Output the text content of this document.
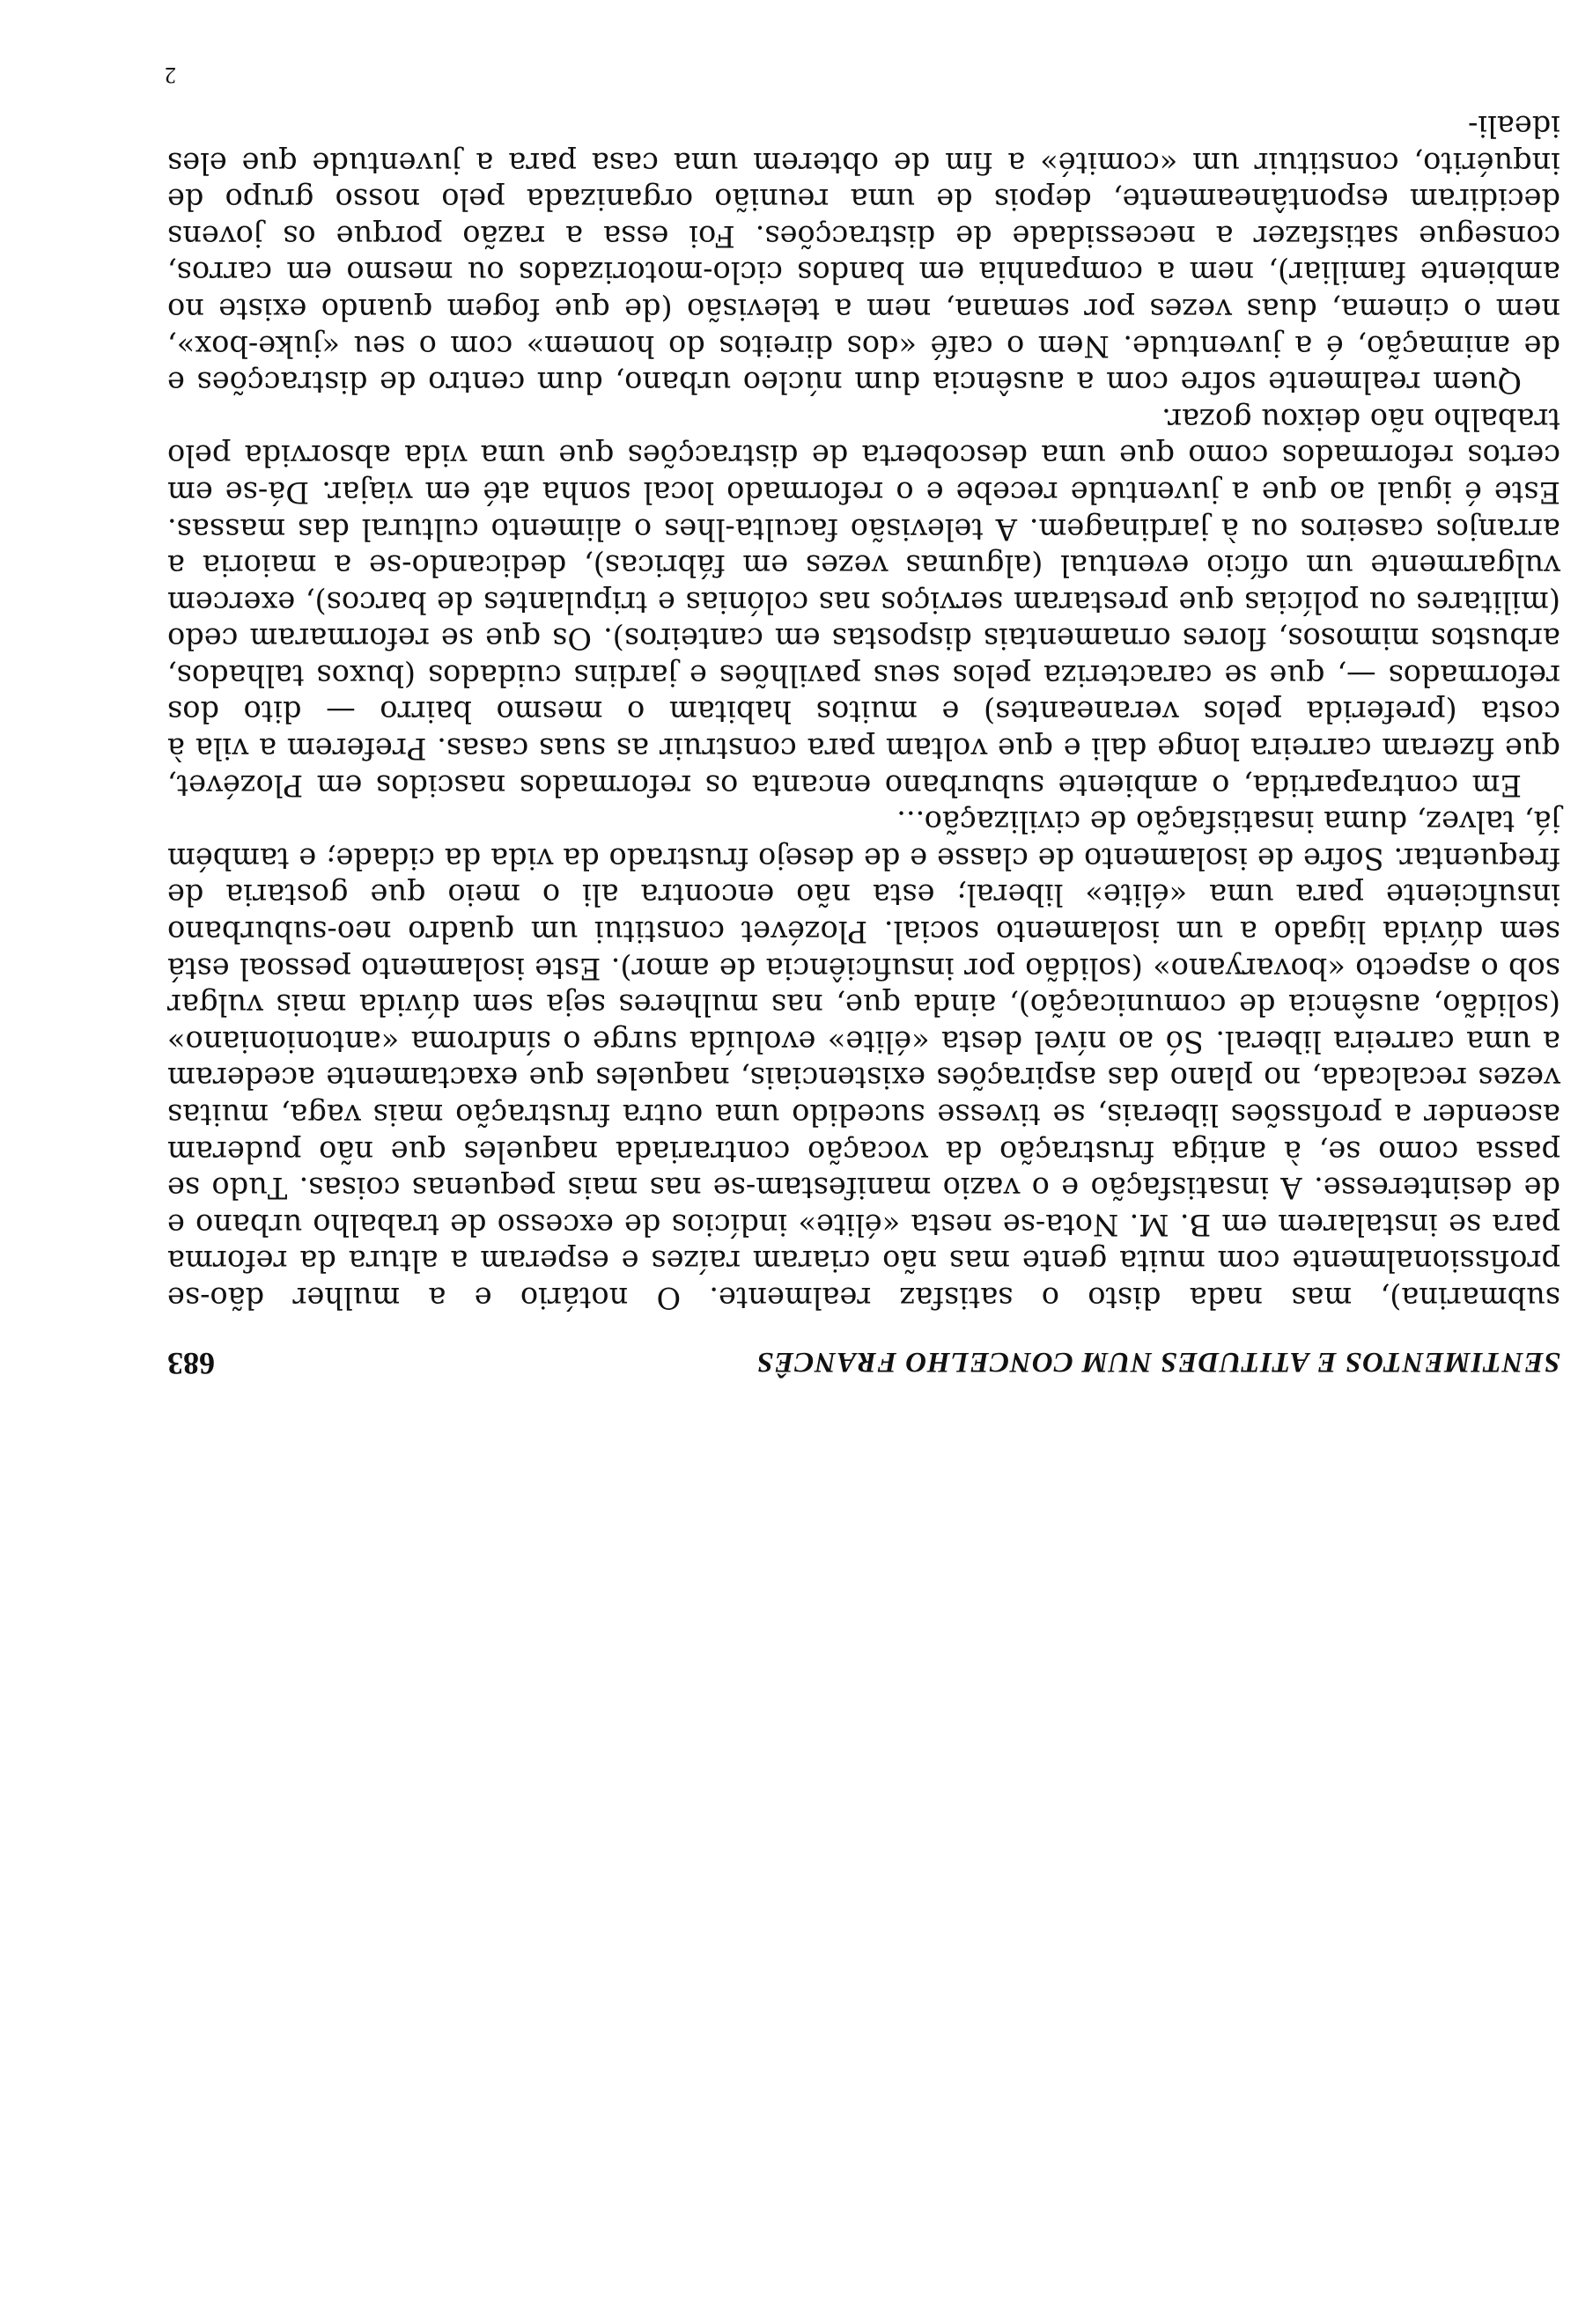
SENTIMENTOS E ATITUDES NUM CONCELHO FRANCÊS
683

submarina), mas nada disto o satisfaz realmente. O notário e a mulher dão-se profissionalmente com muita gente mas não criaram raízes e esperam a altura da reforma para se instalarem em B. M. Nota-se nesta «élite» indícios de excesso de trabalho urbano e de desinteresse. A insatisfação e o vazio manifestam-se nas mais pequenas coisas. Tudo se passa como se, à antiga frustração da vocação contrariada naqueles que não puderam ascender a profissões liberais, se tivesse sucedido uma outra frustração mais vaga, muitas vezes recalcada, no plano das aspirações existenciais, naqueles que exactamente acederam a uma carreira liberal. Só ao nível desta «élite» evoluída surge o síndroma «antonioniano» (solidão, ausência de comunicação), ainda que, nas mulheres seja sem dúvida mais vulgar sob o aspecto «bovaryano» (solidão por insuficiência de amor). Este isolamento pessoal está sem dúvida ligado a um isolamento social. Plozévet constitui um quadro neo-suburbano insuficiente para uma «élite» liberal; esta não encontra ali o meio que gostaria de frequentar. Sofre de isolamento de classe e de desejo frustrado da vida da cidade; e também já, talvez, duma insatisfação de civilização...

Em contrapartida, o ambiente suburbano encanta os reformados nascidos em Plozévet, que fizeram carreira longe dali e que voltam para construir as suas casas. Preferem a vila à costa (preferida pelos veraneantes) e muitos habitam o mesmo bairro — dito dos reformados —, que se caracteriza pelos seus pavilhões e jardins cuidados (buxos talhados, arbustos mimosos, flores ornamentais dispostas em canteiros). Os que se reformaram cedo (militares ou polícias que prestaram serviços nas colónias e tripulantes de barcos), exercem vulgarmente um ofício eventual (algumas vezes em fábricas), dedicando-se a maioria a arranjos caseiros ou à jardinagem. A televisão faculta-lhes o alimento cultural das massas. Este é igual ao que a juventude recebe e o reformado local sonha até em viajar. Dá-se em certos reformados como que uma descoberta de distracções que uma vida absorvida pelo trabalho não deixou gozar.

Quem realmente sofre com a ausência dum núcleo urbano, dum centro de distracções e de animação, é a juventude. Nem o café «dos direitos do homem» com o seu «juke-box», nem o cinema, duas vezes por semana, nem a televisão (de que fogem quando existe no ambiente familiar), nem a companhia em bandos ciclo-motorizados ou mesmo em carros, consegue satisfazer a necessidade de distracções. Foi essa a razão porque os jovens decidiram espontâneamente, depois de uma reunião organizada pelo nosso grupo de inquérito, constituir um «comité» a fim de obterem uma casa para a juventude que eles ideali-

2
